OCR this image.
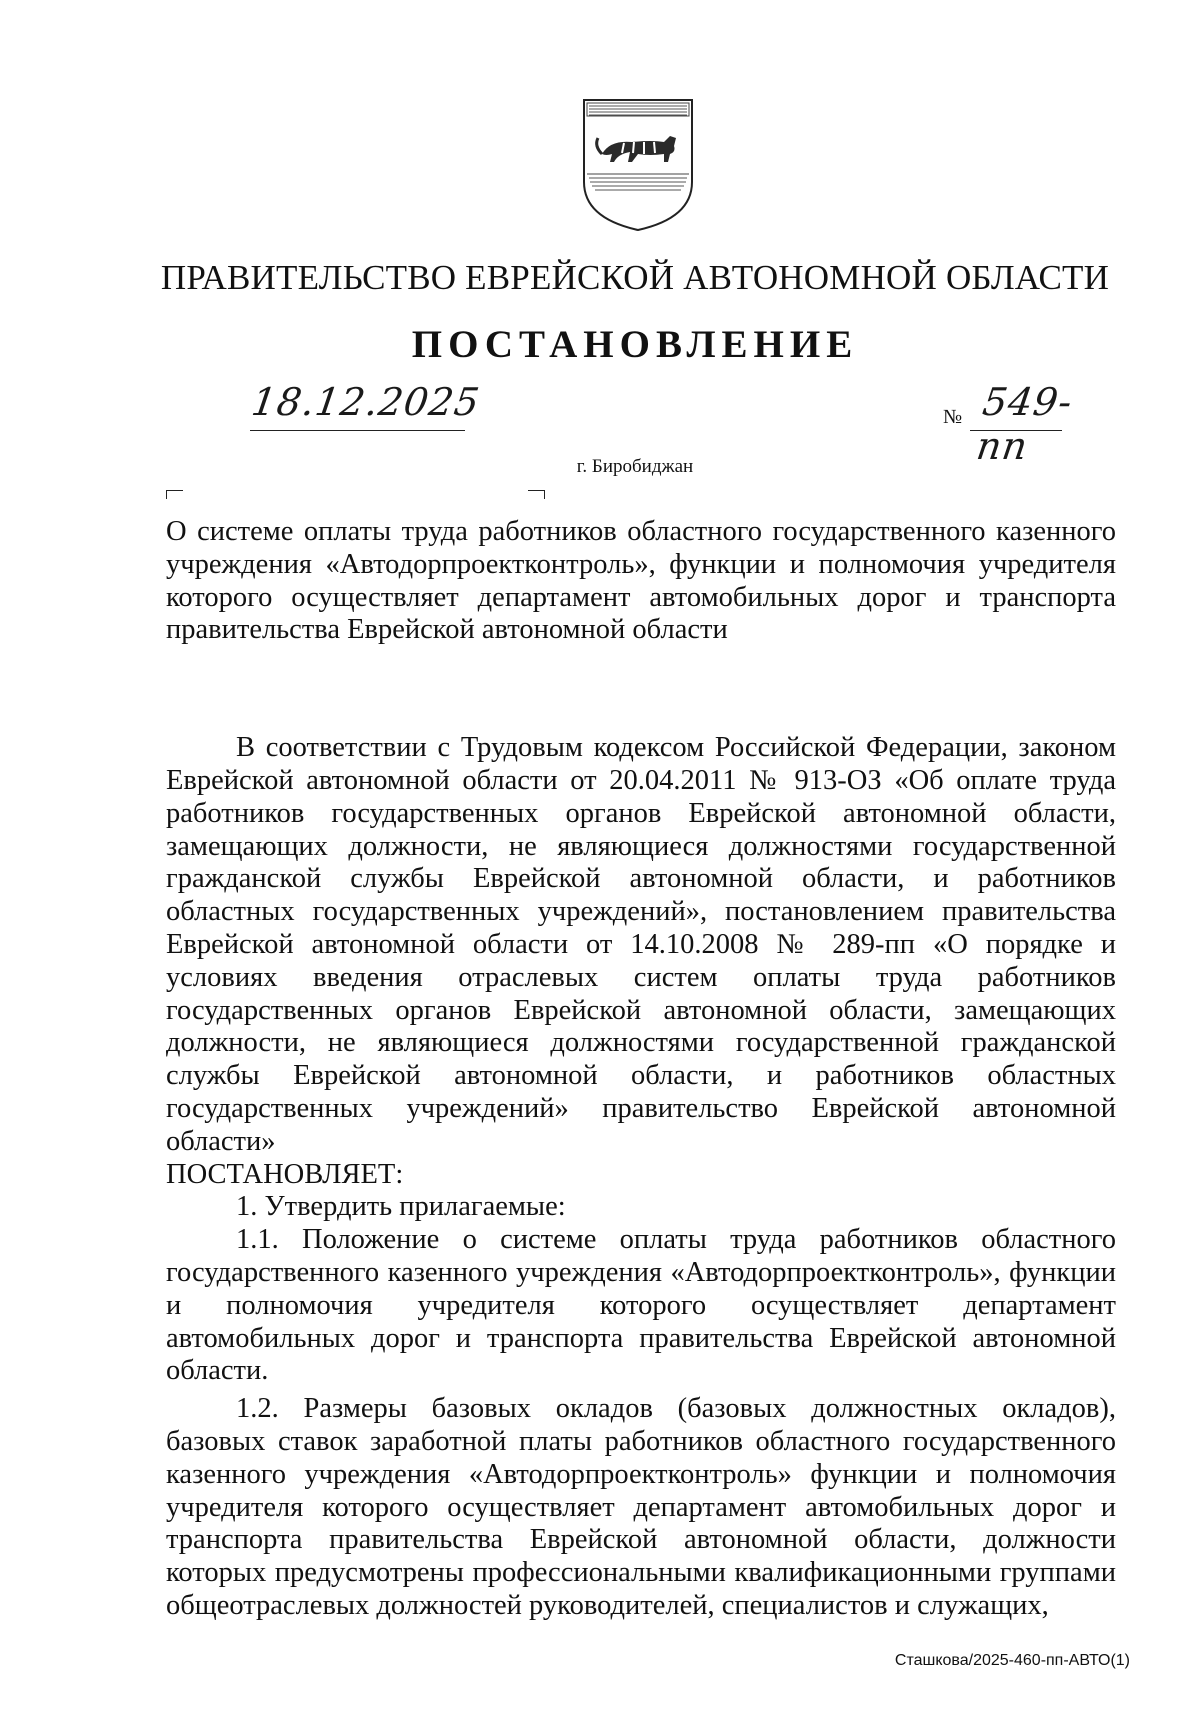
ПРАВИТЕЛЬСТВО ЕВРЕЙСКОЙ АВТОНОМНОЙ ОБЛАСТИ
ПОСТАНОВЛЕНИЕ
18.12.2025	№ 549-пп
г. Биробиджан

О системе оплаты труда работников областного государственного казенного учреждения «Автодорпроектконтроль», функции и полномочия учредителя которого осуществляет департамент автомобильных дорог и транспорта правительства Еврейской автономной области

В соответствии с Трудовым кодексом Российской Федерации, законом Еврейской автономной области от 20.04.2011 № 913-ОЗ «Об оплате труда работников государственных органов Еврейской автономной области, замещающих должности, не являющиеся должностями государственной гражданской службы Еврейской автономной области, и работников областных государственных учреждений», постановлением правительства Еврейской автономной области от 14.10.2008 № 289-пп «О порядке и условиях введения отраслевых систем оплаты труда работников государственных органов Еврейской автономной области, замещающих должности, не являющиеся должностями государственной гражданской службы Еврейской автономной области, и работников областных государственных учреждений» правительство Еврейской автономной области»

ПОСТАНОВЛЯЕТ:

1. Утвердить прилагаемые:

1.1. Положение о системе оплаты труда работников областного государственного казенного учреждения «Автодорпроектконтроль», функции и полномочия учредителя которого осуществляет департамент автомобильных дорог и транспорта правительства Еврейской автономной области.

1.2. Размеры базовых окладов (базовых должностных окладов), базовых ставок заработной платы работников областного государственного казенного учреждения «Автодорпроектконтроль» функции и полномочия учредителя которого осуществляет департамент автомобильных дорог и транспорта правительства Еврейской автономной области, должности которых предусмотрены профессиональными квалификационными группами общеотраслевых должностей руководителей, специалистов и служащих,

Сташкова/2025-460-пп-АВТО(1)
